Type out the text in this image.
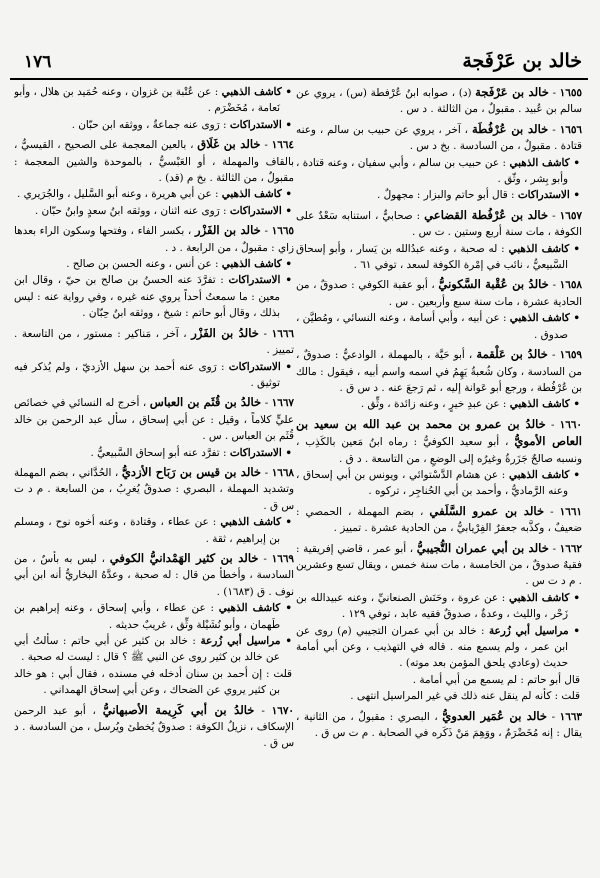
خالد بن عَرْفَجة
١٧٦

١٦٥٥ - خالد بن عَرْفَجة (د) ، صوابه ابنُ عُرْفطة (س) ، يروي عن سالم بن عُبيد . مقبولٌ ، من الثالثة . د س .

١٦٥٦ - خالد بن عُرْفُطَة ، آخر ، يروي عن حبيب بن سالم ، وعنه قتادة . مقبولٌ ، من السادسة . بخ د س .

• كاشف الذهبي : عن حبيب بن سالم ، وأبي سفيان ، وعنه قتادة ، وأبو بِشر ، وثّق .

• الاستدراكات : قال أبو حاتم والبزار : مجهولٌ .

١٦٥٧ - خالد بن عُرْفُطة القضاعي : صحابيٌّ ، استنابه سَعْدٌ على الكوفة ، مات سنة أربع وستين . ت س .

• كاشف الذهبي : له صحبة ، وعنه عبدُالله بن يَسار ، وأبو إسحاق السَّبيعيُّ ، نائب في إمْرة الكوفة لسعد ، توفي ٦١ .

١٦٥٨ - خالدُ بن عُقْبة السَّكونيُّ ، أبو عقبة الكوفي : صدوقٌ ، من الحادية عشرة ، مات سنة سبع وأربعين . س .

• كاشف الذهبي : عن أبيه ، وأبي أسامة ، وعنه النسائي ، ومُطيَّن ، صدوق .

١٦٥٩ - خالدُ بن عَلْقمة ، أبو حَيَّة ، بالمهملة ، الوادعيُّ : صدوقٌ ، من السادسة ، وكان شُعبةُ يَهِمُ في اسمه واسم أبيه ، فيقول : مالك بن عُرْفُطة ، ورجع أبو عَوانة إليه ، ثم رَجعَ عنه . د س ق .

• كاشف الذهبي : عن عبدِ خيرٍ ، وعنه زائدة ، وثِّق .

١٦٦٠ - خالدُ بن عمرو بن محمد بن عبد الله بن سعيد بن العاص الأمويُّ ، أبو سعيد الكوفيُّ : رماه ابنُ مَعين بالكَذِب ، ونسبه صالحٌ جَزَرةُ وغيرُه إلى الوضعِ ، من التاسعة . د ق .

• كاشف الذهبي : عن هشام الدَّسْتوائي ، ويونس بن أبي إسحاق ، وعنه الرَّماديُّ ، وأحمد بن أبي الحُناجِر ، تركوه .

١٦٦١ - خالد بن عمرو السَّلَفي ، بضم المهملة ، الحمصي : ضعيفٌ ، وكذَّبه جعفرٌ الفِرْيابيُّ ، من الحادية عشرة . تمييز .

١٦٦٢ - خالد بن أبي عمران التُّجيبيُّ ، أبو عمر ، قاضي إفريقية : فقيهٌ صدوقٌ ، من الخامسة ، مات سنة خمس ، ويقال تسع وعشرين . م د ت س .

• كاشف الذهبي : عن عروة ، وحَنَش الصنعانيِّ ، وعنه عبيدالله بن زَحْر ، والليث ، وعدةٌ ، صدوقٌ فقيه عابد ، توفي ١٢٩ .

• مراسيل أبي زُرعة : خالد بن أبي عمران التجيبي (م) روى عن ابن عمر ، ولم يسمع منه . قاله في التهذيب ، وعن أبي أمامة حديث (وعادي يلحق المؤمن بعد موته) .

قال أبو حاتم : لم يسمع من أبي أمامة .

قلت : كأنه لم ينقل عنه ذلك في غير المراسيل انتهى .

١٦٦٣ - خالد بن عُمَير العدويُّ ، البصري : مقبولٌ ، من الثانية ، يقال : إنه مُخَضْرَمٌ ، ووَهِمَ مَنْ ذَكَره في الصحابة . م ت س ق .

• كاشف الذهبي : عن عُتْبة بن غزوان ، وعنه حُمَيد بن هلال ، وأبو نَعامة ، مُخَضْرَم .

• الاستدراكات : رَوى عنه جماعةٌ ، ووثقه ابن حبّان .

١٦٦٤ - خالد بن غَلَاق ، بالعين المعجمة على الصحيح ، القيسيُّ ، بالقاف والمهملة ، أو العَبْسيُّ ، بالموحدة والشين المعجمة : مقبولٌ ، من الثالثة . بخ م (قد) .

• كاشف الذهبي : عن أبي هريرة ، وعنه أبو السَّليل ، والجُرَيري .

• الاستدراكات : رَوى عنه اثنان ، ووثقه ابنُ سعدٍ وابنُ حبّان .

١٦٦٥ - خالد بن الفَزْر ، بكسر الفاء ، وفتحها وسكون الراء بعدها زاي : مقبولٌ ، من الرابعة . د .

• كاشف الذهبي : عن أنس ، وعنه الحسن بن صالح .

• الاستدراكات : تفرَّدَ عنه الحسنُ بن صالح بن حيّ ، وقال ابن معين : ما سمعتُ أحداً يروي عنه غيره ، وفي رواية عنه : ليس بذلك ، وقال أبو حاتم : شيخ ، ووثقه ابنُ حِبّان .

١٦٦٦ - خالدُ بن الفَزْر ، آخر ، مَناكير : مستور ، من التاسعة . تمييز .

• الاستدراكات : رَوى عنه أحمد بن سهل الأزديّ ، ولم يُذكر فيه توثيق .

١٦٦٧ - خالدُ بن قُثَم بن العباس ، أخرج له النسائي في خصائص عليٍّ كلاماً ، وقيل : عن أبي إسحاق ، سأل عبد الرحمن بن خالد قُثَم بن العباس . س .

• الاستدراكات : تفرَّد عنه أبو إسحاق السَّبيعيُّ .

١٦٦٨ - خالد بن قيس بن رَبَاح الأزديُّ ، الحُدَّاني ، بضم المهملة وتشديد المهملة ، البصري : صدوقٌ يُغرِبُ ، من السابعة . م د ت س ق .

• كاشف الذهبي : عن عطاء ، وقتادة ، وعنه أخوه نوح ، ومسلم بن إبراهيم ، ثقة .

١٦٦٩ - خالد بن كثير الهَمْدانيُّ الكوفي ، ليس به بأسٌ ، من السادسة ، وأخطأ من قال : له صحبة ، وعدَّهُ البخاريُّ أنه ابن أبي نوف . ق (١٦٨٣) .

• كاشف الذهبي : عن عطاء ، وأبي إسحاق ، وعنه إبراهيم بن طَهمان ، وأبو نُشَيْلة وثِّق ، غريبٌ حديثه .

• مراسيل أبي زُرعة : خالد بن كثير عن أبي حاتم : سألتُ أبي عن خالد بن كثير روى عن النبي ﷺ ؟ قال : ليست له صحبة .

قلت : إن أحمد بن سنان أدخله في مسنده ، فقال أبي : هو خالد بن كثير يروي عن الضحاك ، وعن أبي إسحاق الهمداني .

١٦٧٠ - خالدُ بن أبي كَرِيمة الأصبهانيُّ ، أبو عبد الرحمن الإسكاف ، نزيلُ الكوفة : صدوقٌ يُخطئ ويُرسل ، من السادسة . د س ق .
